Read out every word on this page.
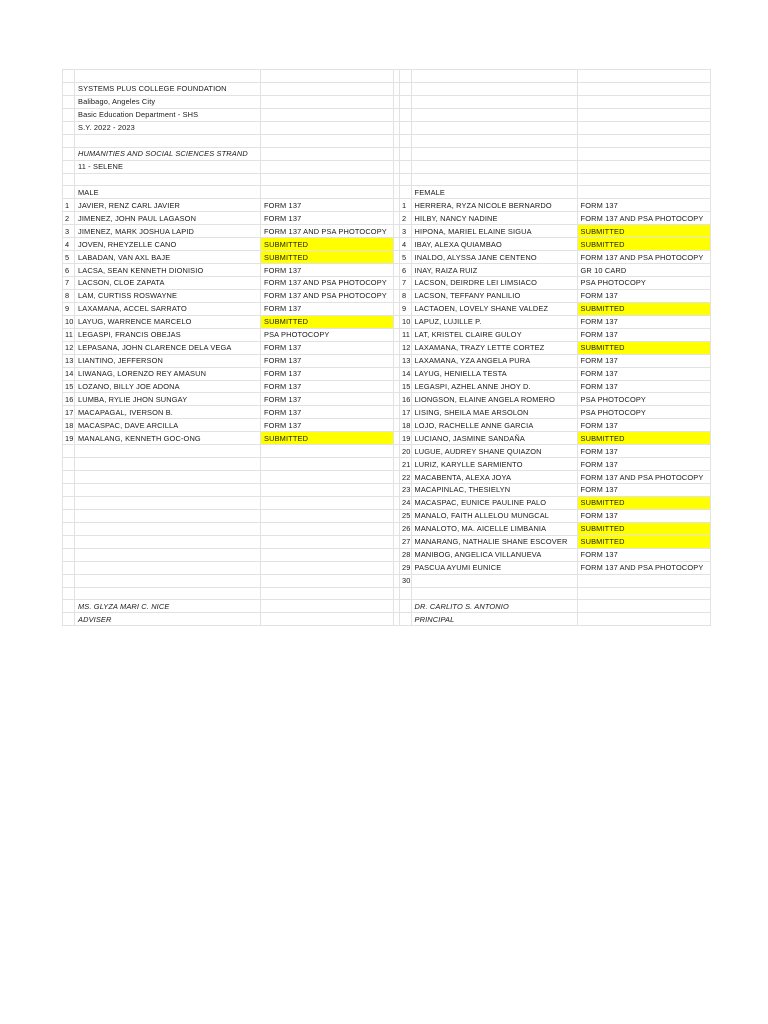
	SYSTEMS PLUS COLLEGE FOUNDATION					
	Balibago, Angeles City					
	Basic Education Department - SHS					
	S.Y. 2022 - 2023					

	HUMANITIES AND SOCIAL SCIENCES STRAND					
	11 - SELENE					

	MALE				FEMALE	
1	JAVIER, RENZ CARL JAVIER	FORM 137		1	HERRERA, RYZA NICOLE BERNARDO	FORM 137
2	JIMENEZ, JOHN PAUL LAGASON	FORM 137		2	HILBY, NANCY NADINE	FORM 137 AND PSA PHOTOCOPY
3	JIMENEZ, MARK JOSHUA LAPID	FORM 137 AND PSA PHOTOCOPY		3	HIPONA, MARIEL ELAINE SIGUA	SUBMITTED
4	JOVEN, RHEYZELLE CANO	SUBMITTED		4	IBAY, ALEXA QUIAMBAO	SUBMITTED
5	LABADAN, VAN AXL BAJE	SUBMITTED		5	INALDO, ALYSSA JANE CENTENO	FORM 137 AND PSA PHOTOCOPY
6	LACSA, SEAN KENNETH DIONISIO	FORM 137		6	INAY, RAIZA RUIZ	GR 10 CARD
7	LACSON, CLOE ZAPATA	FORM 137 AND PSA PHOTOCOPY		7	LACSON, DEIRDRE LEI LIMSIACO	PSA PHOTOCOPY
8	LAM, CURTISS ROSWAYNE	FORM 137 AND PSA PHOTOCOPY		8	LACSON, TEFFANY PANLILIO	FORM 137
9	LAXAMANA, ACCEL SARRATO	FORM 137		9	LACTAOEN, LOVELY SHANE VALDEZ	SUBMITTED
10	LAYUG, WARRENCE MARCELO	SUBMITTED		10	LAPUZ, LUJILLE P.	FORM 137
11	LEGASPI, FRANCIS OBEJAS	PSA PHOTOCOPY		11	LAT, KRISTEL CLAIRE GULOY	FORM 137
12	LEPASANA, JOHN CLARENCE DELA VEGA	FORM 137		12	LAXAMANA, TRAZY LETTE CORTEZ	SUBMITTED
13	LIANTINO, JEFFERSON	FORM 137		13	LAXAMANA, YZA ANGELA PURA	FORM 137
14	LIWANAG, LORENZO REY AMASUN	FORM 137		14	LAYUG, HENIELLA TESTA	FORM 137
15	LOZANO, BILLY JOE ADONA	FORM 137		15	LEGASPI, AZHEL ANNE JHOY D.	FORM 137
16	LUMBA, RYLIE JHON SUNGAY	FORM 137		16	LIONGSON, ELAINE ANGELA ROMERO	PSA PHOTOCOPY
17	MACAPAGAL, IVERSON B.	FORM 137		17	LISING, SHEILA MAE ARSOLON	PSA PHOTOCOPY
18	MACASPAC, DAVE ARCILLA	FORM 137		18	LOJO, RACHELLE ANNE GARCIA	FORM 137
19	MANALANG, KENNETH GOC-ONG	SUBMITTED		19	LUCIANO, JASMINE SANDAÑA	SUBMITTED
				20	LUGUE, AUDREY SHANE QUIAZON	FORM 137
				21	LURIZ, KARYLLE SARMIENTO	FORM 137
				22	MACABENTA, ALEXA JOYA	FORM 137 AND PSA PHOTOCOPY
				23	MACAPINLAC, THESIELYN	FORM 137
				24	MACASPAC, EUNICE PAULINE PALO	SUBMITTED
				25	MANALO, FAITH ALLELOU MUNGCAL	FORM 137
				26	MANALOTO, MA. AICELLE LIMBANIA	SUBMITTED
				27	MANARANG, NATHALIE SHANE ESCOVER	SUBMITTED
				28	MANIBOG, ANGELICA VILLANUEVA	FORM 137
				29	PASCUA AYUMI EUNICE	FORM 137 AND PSA PHOTOCOPY
				30		

	MS. GLYZA MARI C. NICE				DR. CARLITO S. ANTONIO	
	ADVISER				PRINCIPAL	
